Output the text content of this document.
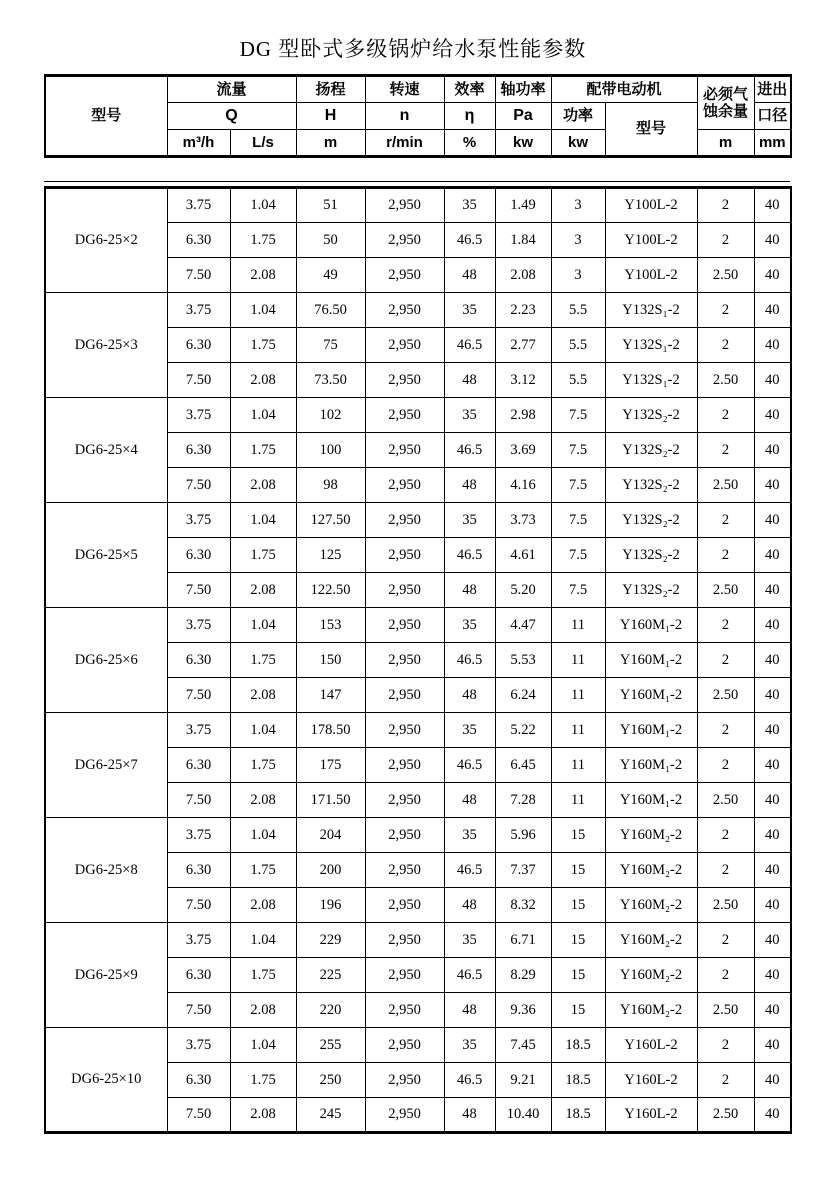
DG 型卧式多级锅炉给水泵性能参数
型号	流量		扬程	转速	效率	轴功率	配带电动机		必须气蚀余量	进出
	Q		H	n	η	Pa	功率	型号		口径
	m³/h	L/s	m	r/min	%	kw	kw		m	mm
DG6-25×2	3.75	1.04	51	2,950	35	1.49	3	Y100L-2	2	40
	6.30	1.75	50	2,950	46.5	1.84	3	Y100L-2	2	40
	7.50	2.08	49	2,950	48	2.08	3	Y100L-2	2.50	40
DG6-25×3	3.75	1.04	76.50	2,950	35	2.23	5.5	Y132S₁-2	2	40
	6.30	1.75	75	2,950	46.5	2.77	5.5	Y132S₁-2	2	40
	7.50	2.08	73.50	2,950	48	3.12	5.5	Y132S₁-2	2.50	40
DG6-25×4	3.75	1.04	102	2,950	35	2.98	7.5	Y132S₂-2	2	40
	6.30	1.75	100	2,950	46.5	3.69	7.5	Y132S₂-2	2	40
	7.50	2.08	98	2,950	48	4.16	7.5	Y132S₂-2	2.50	40
DG6-25×5	3.75	1.04	127.50	2,950	35	3.73	7.5	Y132S₂-2	2	40
	6.30	1.75	125	2,950	46.5	4.61	7.5	Y132S₂-2	2	40
	7.50	2.08	122.50	2,950	48	5.20	7.5	Y132S₂-2	2.50	40
DG6-25×6	3.75	1.04	153	2,950	35	4.47	11	Y160M₁-2	2	40
	6.30	1.75	150	2,950	46.5	5.53	11	Y160M₁-2	2	40
	7.50	2.08	147	2,950	48	6.24	11	Y160M₁-2	2.50	40
DG6-25×7	3.75	1.04	178.50	2,950	35	5.22	11	Y160M₁-2	2	40
	6.30	1.75	175	2,950	46.5	6.45	11	Y160M₁-2	2	40
	7.50	2.08	171.50	2,950	48	7.28	11	Y160M₁-2	2.50	40
DG6-25×8	3.75	1.04	204	2,950	35	5.96	15	Y160M₂-2	2	40
	6.30	1.75	200	2,950	46.5	7.37	15	Y160M₂-2	2	40
	7.50	2.08	196	2,950	48	8.32	15	Y160M₂-2	2.50	40
DG6-25×9	3.75	1.04	229	2,950	35	6.71	15	Y160M₂-2	2	40
	6.30	1.75	225	2,950	46.5	8.29	15	Y160M₂-2	2	40
	7.50	2.08	220	2,950	48	9.36	15	Y160M₂-2	2.50	40
DG6-25×10	3.75	1.04	255	2,950	35	7.45	18.5	Y160L-2	2	40
	6.30	1.75	250	2,950	46.5	9.21	18.5	Y160L-2	2	40
	7.50	2.08	245	2,950	48	10.40	18.5	Y160L-2	2.50	40
